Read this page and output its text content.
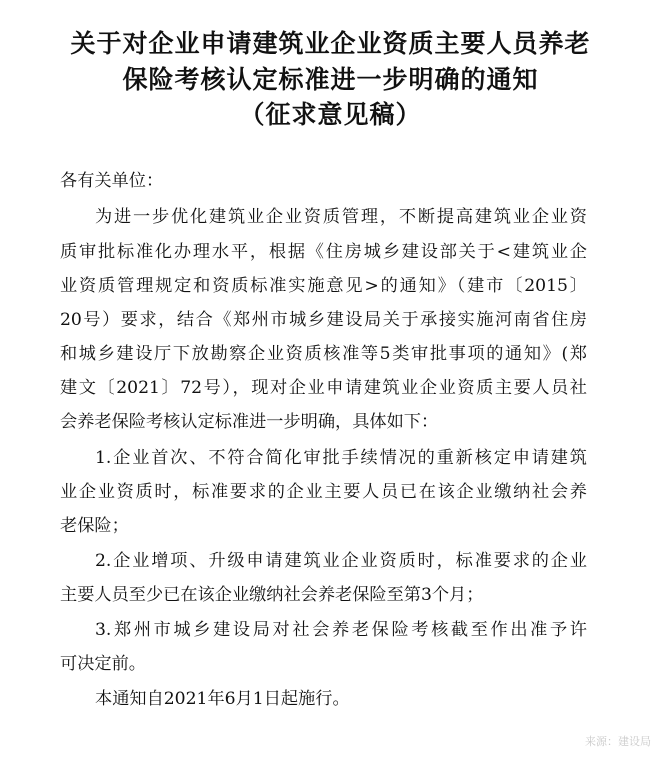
关于对企业申请建筑业企业资质主要人员养老
保险考核认定标准进一步明确的通知
（征求意见稿）
各有关单位：
为进一步优化建筑业企业资质管理，不断提高建筑业企业资
质审批标准化办理水平，根据《住房城乡建设部关于<建筑业企
业资质管理规定和资质标准实施意见>的通知》（建市〔2015〕
20号）要求，结合《郑州市城乡建设局关于承接实施河南省住房
和城乡建设厅下放勘察企业资质核准等5类审批事项的通知》(郑
建文〔2021〕72号），现对企业申请建筑业企业资质主要人员社
会养老保险考核认定标准进一步明确，具体如下：
1.企业首次、不符合简化审批手续情况的重新核定申请建筑
业企业资质时，标准要求的企业主要人员已在该企业缴纳社会养
老保险；
2.企业增项、升级申请建筑业企业资质时，标准要求的企业
主要人员至少已在该企业缴纳社会养老保险至第3个月；
3.郑州市城乡建设局对社会养老保险考核截至作出准予许
可决定前。
本通知自2021年6月1日起施行。
来源：建设局
